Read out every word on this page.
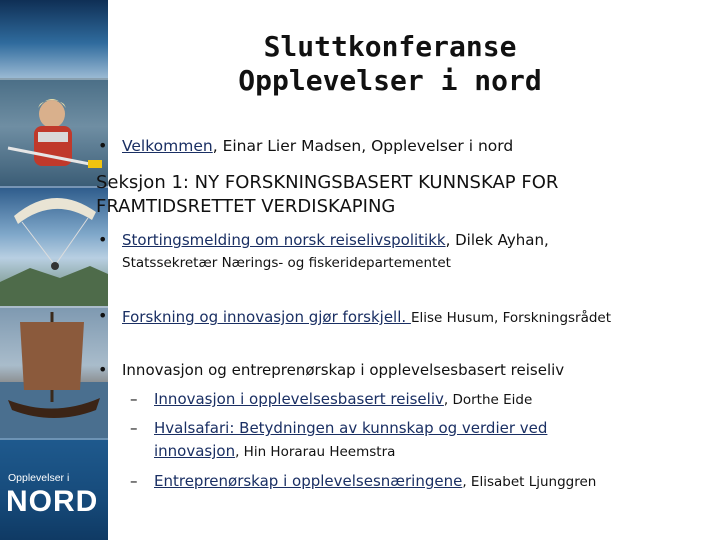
Opplevelser i
NORD
Sluttkonferanse
Opplevelser i nord
• Velkommen, Einar Lier Madsen, Opplevelser i nord
Seksjon 1: NY FORSKNINGSBASERT KUNNSKAP FOR
FRAMTIDSRETTET VERDISKAPING
• Stortingsmelding om norsk reiselivspolitikk, Dilek Ayhan,
Statssekretær Nærings- og fiskeridepartementet
• Forskning og innovasjon gjør forskjell. Elise Husum, Forskningsrådet
• Innovasjon og entreprenørskap i opplevelsesbasert reiseliv
– Innovasjon i opplevelsesbasert reiseliv, Dorthe Eide
– Hvalsafari: Betydningen av kunnskap og verdier ved
innovasjon, Hin Horarau Heemstra
– Entreprenørskap i opplevelsesnæringene, Elisabet Ljunggren
